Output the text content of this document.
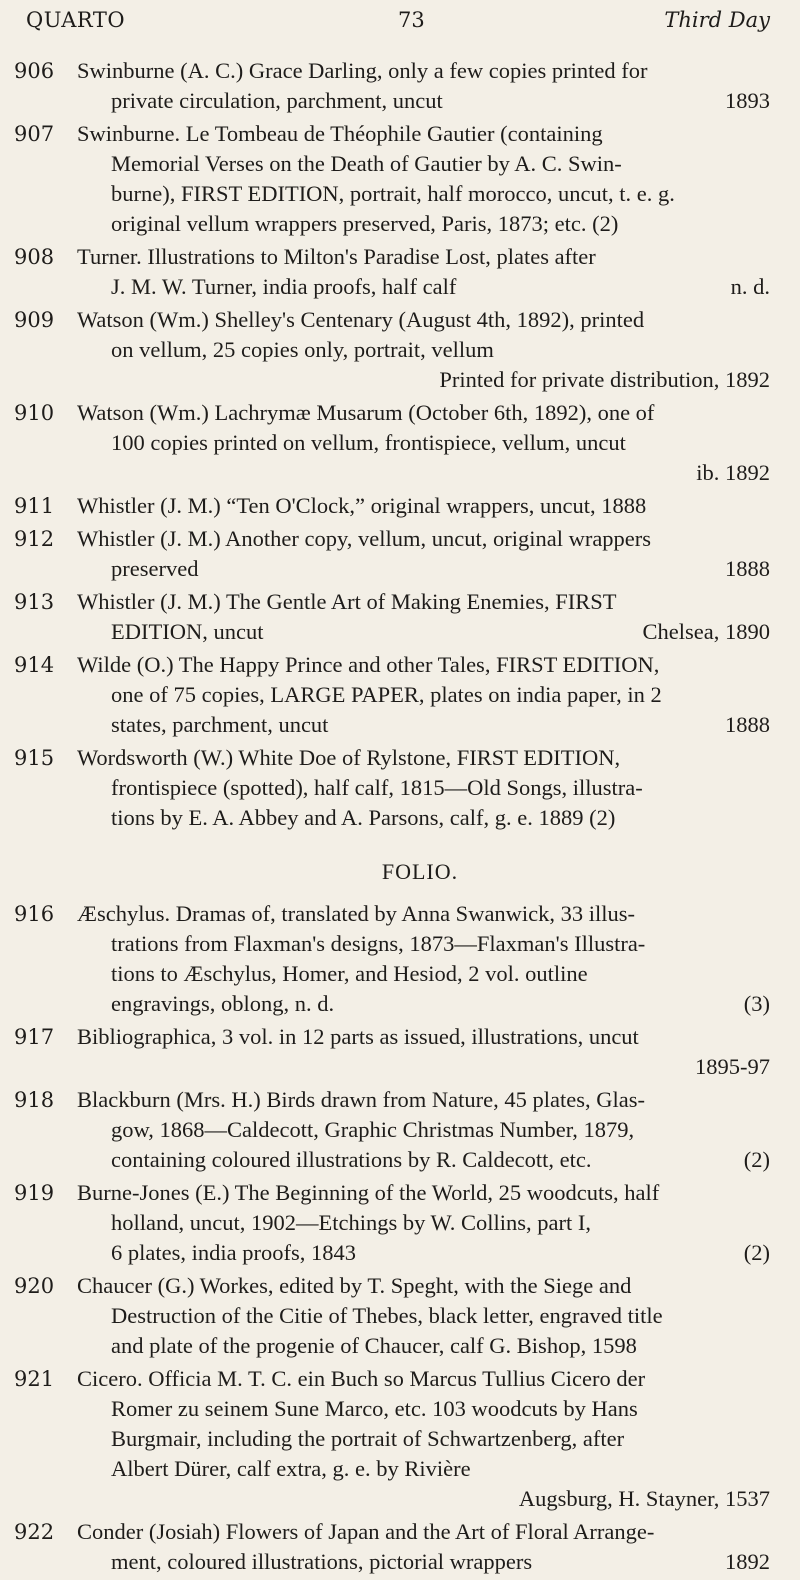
QUARTO	73	Third Day
906 Swinburne (A. C.) Grace Darling, only a few copies printed for
private circulation, parchment, uncut	1893
907 Swinburne. Le Tombeau de Théophile Gautier (containing
Memorial Verses on the Death of Gautier by A. C. Swin-
burne), FIRST EDITION, portrait, half morocco, uncut, t. e. g.
original vellum wrappers preserved, Paris, 1873; etc. (2)
908 Turner. Illustrations to Milton's Paradise Lost, plates after
J. M. W. Turner, india proofs, half calf	n. d.
909 Watson (Wm.) Shelley's Centenary (August 4th, 1892), printed
on vellum, 25 copies only, portrait, vellum
Printed for private distribution, 1892
910 Watson (Wm.) Lachrymæ Musarum (October 6th, 1892), one of
100 copies printed on vellum, frontispiece, vellum, uncut
ib. 1892
911 Whistler (J. M.) “Ten O'Clock,” original wrappers, uncut, 1888
912 Whistler (J. M.) Another copy, vellum, uncut, original wrappers
preserved	1888
913 Whistler (J. M.) The Gentle Art of Making Enemies, FIRST
EDITION, uncut	Chelsea, 1890
914 Wilde (O.) The Happy Prince and other Tales, FIRST EDITION,
one of 75 copies, LARGE PAPER, plates on india paper, in 2
states, parchment, uncut	1888
915 Wordsworth (W.) White Doe of Rylstone, FIRST EDITION,
frontispiece (spotted), half calf, 1815—Old Songs, illustra-
tions by E. A. Abbey and A. Parsons, calf, g. e. 1889 (2)
FOLIO.
916 Æschylus. Dramas of, translated by Anna Swanwick, 33 illus-
trations from Flaxman's designs, 1873—Flaxman's Illustra-
tions to Æschylus, Homer, and Hesiod, 2 vol. outline
engravings, oblong, n. d.	(3)
917 Bibliographica, 3 vol. in 12 parts as issued, illustrations, uncut
1895-97
918 Blackburn (Mrs. H.) Birds drawn from Nature, 45 plates, Glas-
gow, 1868—Caldecott, Graphic Christmas Number, 1879,
containing coloured illustrations by R. Caldecott, etc.	(2)
919 Burne-Jones (E.) The Beginning of the World, 25 woodcuts, half
holland, uncut, 1902—Etchings by W. Collins, part I,
6 plates, india proofs, 1843	(2)
920 Chaucer (G.) Workes, edited by T. Speght, with the Siege and
Destruction of the Citie of Thebes, black letter, engraved title
and plate of the progenie of Chaucer, calf G. Bishop, 1598
921 Cicero. Officia M. T. C. ein Buch so Marcus Tullius Cicero der
Romer zu seinem Sune Marco, etc. 103 woodcuts by Hans
Burgmair, including the portrait of Schwartzenberg, after
Albert Dürer, calf extra, g. e. by Rivière
Augsburg, H. Stayner, 1537
922 Conder (Josiah) Flowers of Japan and the Art of Floral Arrange-
ment, coloured illustrations, pictorial wrappers	1892
